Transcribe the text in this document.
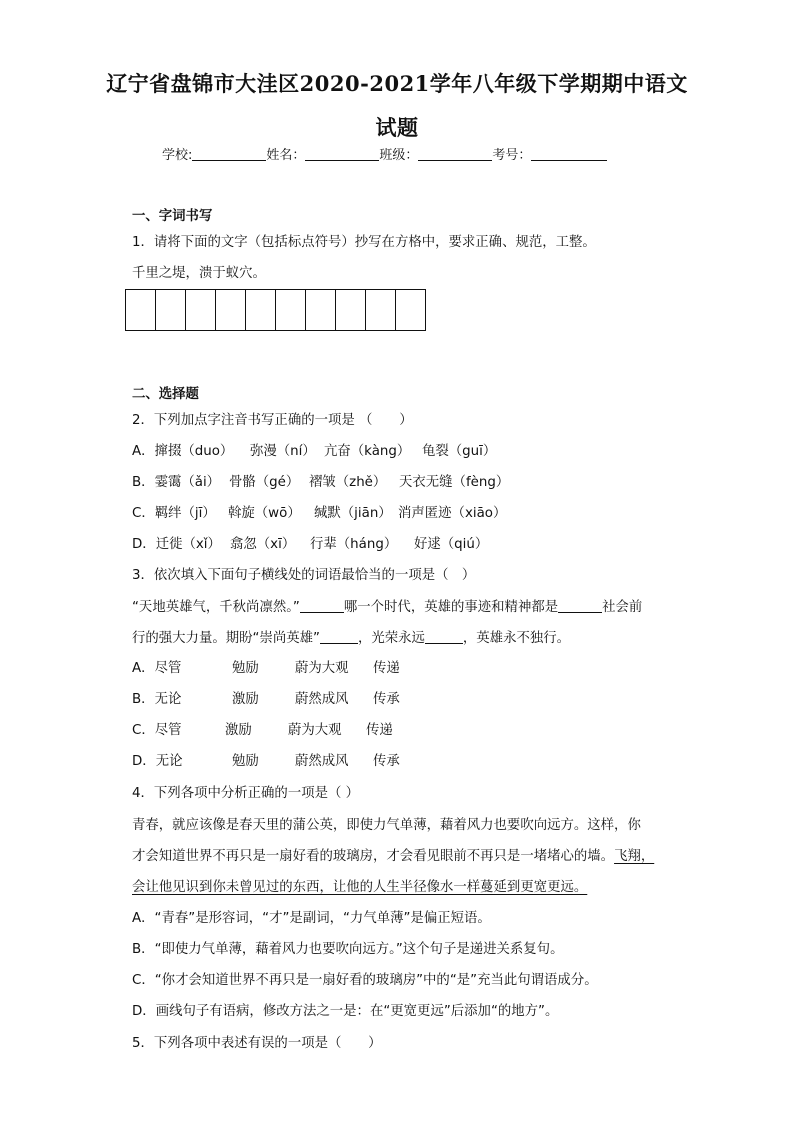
辽宁省盘锦市大洼区2020-2021学年八年级下学期期中语文
试题
学校:	姓名：	班级：	考号：
一、字词书写
1．请将下面的文字（包括标点符号）抄写在方格中，要求正确、规范，工整。
千里之堤，溃于蚁穴。
二、选择题
2．下列加点字注音书写正确的一项是 （　　）
A．撺掇（duo） 弥漫（ní） 亢奋（kàng） 龟裂（guī）
B．霎霭（ǎi） 骨骼（gé） 褶皱（zhě） 天衣无缝（fèng）
C．羁绊（jī） 斡旋（wō） 缄默（jiān） 消声匿迹（xiāo）
D．迁徙（xǐ） 翕忽（xī） 行辈（háng） 好逑（qiú）
3．依次填入下面句子横线处的词语最恰当的一项是（　）
“天地英雄气，千秋尚凛然。”	哪一个时代，英雄的事迹和精神都是	社会前
行的强大力量。期盼“崇尚英雄”	，光荣永远	，英雄永不独行。
A．尽管	勉励	蔚为大观 传递
B．无论	激励	蔚然成风 传承
C．尽管	激励	蔚为大观 传递
D．无论	勉励	蔚然成风 传承
4．下列各项中分析正确的一项是（ ）
青春，就应该像是春天里的蒲公英，即使力气单薄，藉着风力也要吹向远方。这样，你
才会知道世界不再只是一扇好看的玻璃房，才会看见眼前不再只是一堵堵心的墙。飞翔，
会让他见识到你未曾见过的东西，让他的人生半径像水一样蔓延到更宽更远。
A．“青春”是形容词，“才”是副词，“力气单薄”是偏正短语。
B．“即使力气单薄，藉着风力也要吹向远方。”这个句子是递进关系复句。
C．“你才会知道世界不再只是一扇好看的玻璃房”中的“是”充当此句谓语成分。
D．画线句子有语病，修改方法之一是：在“更宽更远”后添加“的地方”。
5．下列各项中表述有误的一项是（　　）
